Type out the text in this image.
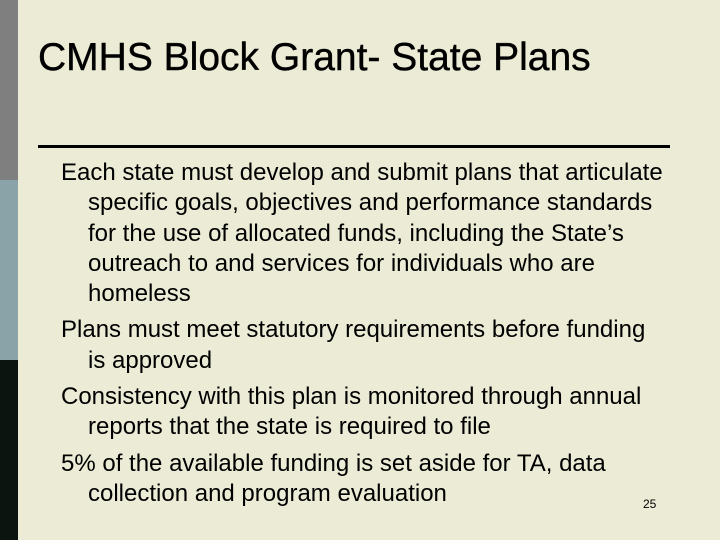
CMHS Block Grant- State Plans
Each state must develop and submit plans that articulate specific goals, objectives and performance standards for the use of allocated funds, including the State’s outreach to and services for individuals who are homeless
Plans must meet statutory requirements before funding is approved
Consistency with this plan is monitored through annual reports that the state is required to file
5% of the available funding is set aside for TA, data collection and program evaluation	25
